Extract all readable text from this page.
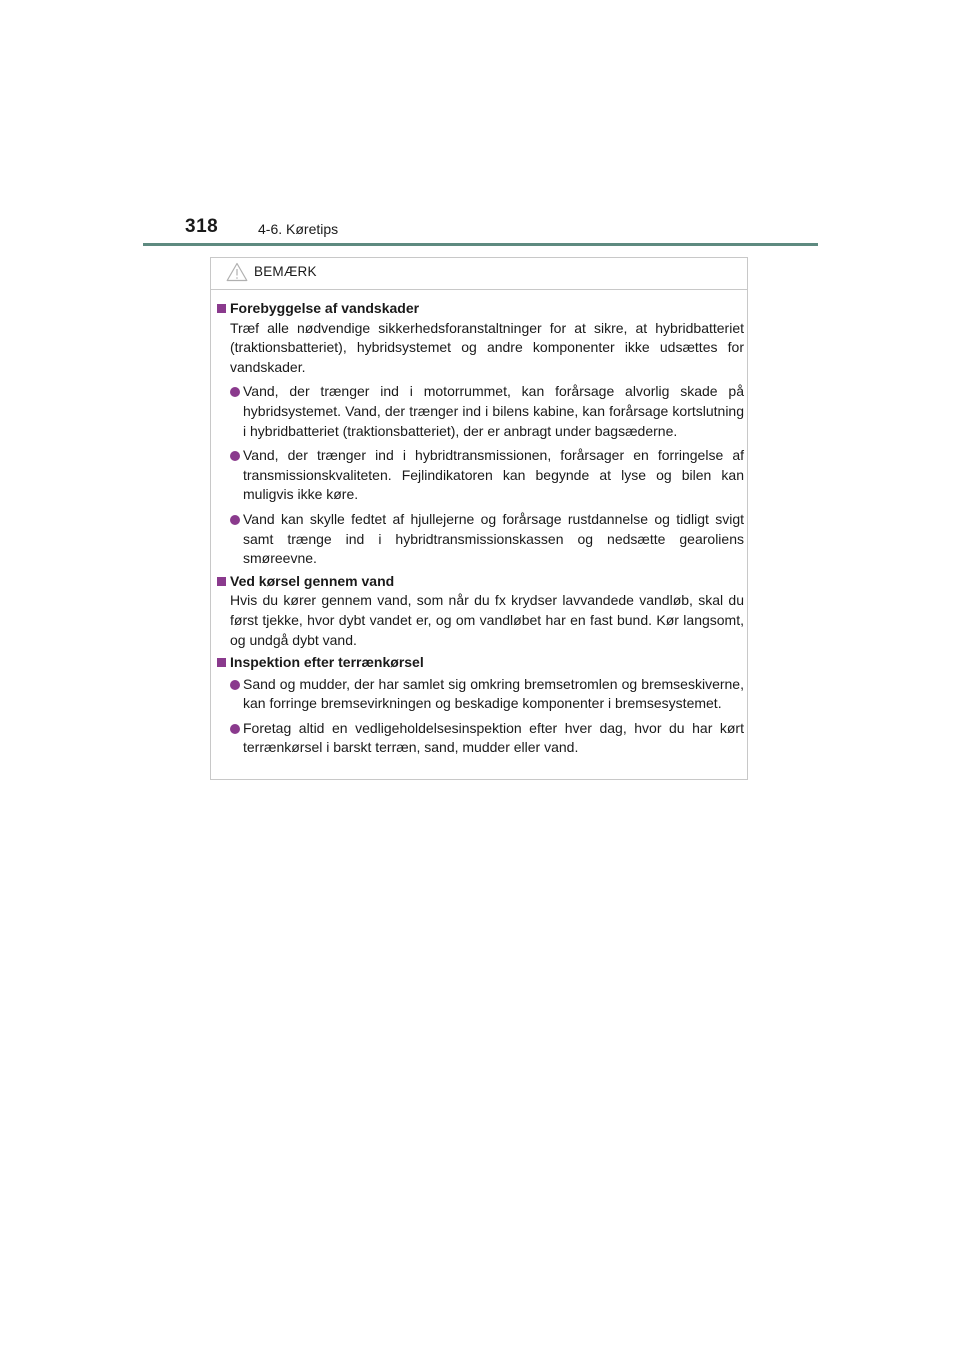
318	4-6. Køretips
BEMÆRK
Forebyggelse af vandskader
Træf alle nødvendige sikkerhedsforanstaltninger for at sikre, at hybridbatteriet (traktionsbatteriet), hybridsystemet og andre komponenter ikke udsættes for vandskader.
Vand, der trænger ind i motorrummet, kan forårsage alvorlig skade på hybridsystemet. Vand, der trænger ind i bilens kabine, kan forårsage kortslutning i hybridbatteriet (traktionsbatteriet), der er anbragt under bagsæderne.
Vand, der trænger ind i hybridtransmissionen, forårsager en forringelse af transmissionskvaliteten. Fejlindikatoren kan begynde at lyse og bilen kan muligvis ikke køre.
Vand kan skylle fedtet af hjullejerne og forårsage rustdannelse og tidligt svigt samt trænge ind i hybridtransmissionskassen og nedsætte gearoliens smøreevne.
Ved kørsel gennem vand
Hvis du kører gennem vand, som når du fx krydser lavvandede vandløb, skal du først tjekke, hvor dybt vandet er, og om vandløbet har en fast bund. Kør langsomt, og undgå dybt vand.
Inspektion efter terrænkørsel
Sand og mudder, der har samlet sig omkring bremsetromlen og bremseskiverne, kan forringe bremsevirkningen og beskadige komponenter i bremsesystemet.
Foretag altid en vedligeholdelsesinspektion efter hver dag, hvor du har kørt terrænkørsel i barskt terræn, sand, mudder eller vand.
